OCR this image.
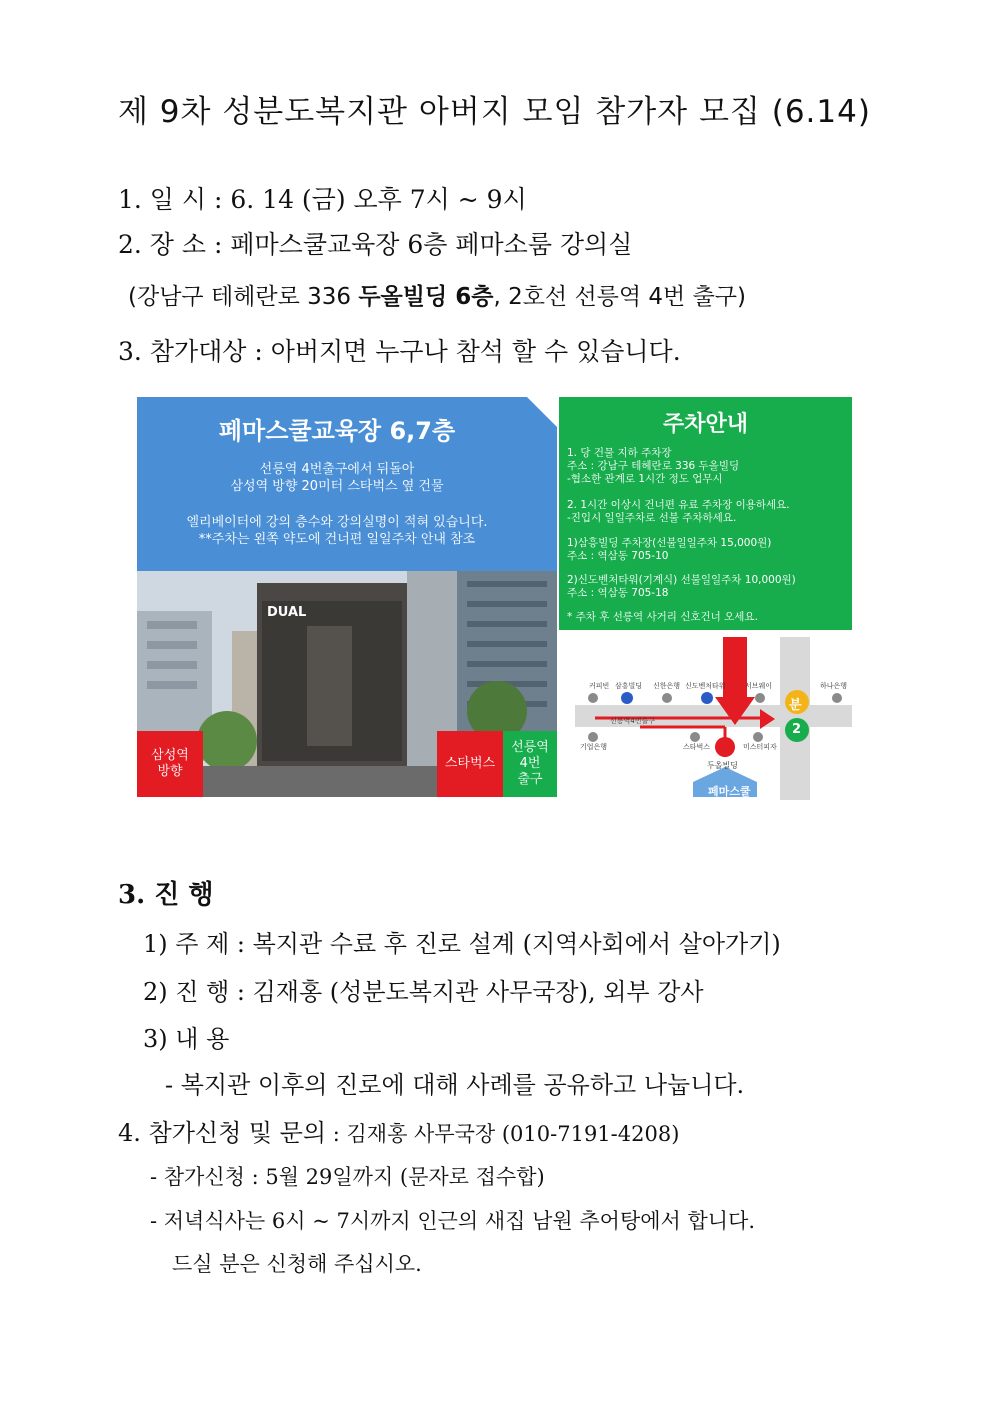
제 9차 성분도복지관 아버지 모임 참가자 모집 (6.14)
1. 일 시 : 6. 14 (금) 오후 7시 ~ 9시
2. 장 소 : 페마스쿨교육장 6층 페마소룸 강의실
(강남구 테헤란로 336 두올빌딩 6층, 2호선 선릉역 4번 출구)
3. 참가대상 : 아버지면 누구나 참석 할 수 있습니다.
페마스쿨교육장 6,7층
선릉역 4번출구에서 뒤돌아
삼성역 방향 20미터 스타벅스 옆 건물
엘리베이터에 강의 층수와 강의실명이 적혀 있습니다.
**주차는 왼쪽 약도에 건너편 일일주차 안내 참조
DUAL
삼성역
방향
스타벅스
선릉역
4번
출구
주차안내
1. 당 건물 지하 주차장
주소 : 강남구 테헤란로 336 두올빌딩
-협소한 관계로 1시간 정도 업무시
2. 1시간 이상시 건너편 유료 주차장 이용하세요.
-진입시 일일주차로 선불 주차하세요.
1)삼흥빌딩 주차장(선불일일주차 15,000원)
주소 : 역삼동 705-10
2)신도벤처타워(기계식) 선불일일주차 10,000원)
주소 : 역삼동 705-18
* 주차 후 선릉역 사거리 신호건너 오세요.
커피빈 삼흥빌딩 신한은행 신도벤처타워	서브웨이	하나은행
기업은행	스타벅스	미스터피자
선릉역4번출구
두올빌딩
주차장
분
2
페마스쿨
3. 진 행
1) 주 제 : 복지관 수료 후 진로 설계 (지역사회에서 살아가기)
2) 진 행 : 김재홍 (성분도복지관 사무국장), 외부 강사
3) 내 용
- 복지관 이후의 진로에 대해 사례를 공유하고 나눕니다.
4. 참가신청 및 문의 : 김재홍 사무국장 (010-7191-4208)
- 참가신청 : 5월 29일까지 (문자로 접수합)
- 저녁식사는 6시 ~ 7시까지 인근의 새집 남원 추어탕에서 합니다.
드실 분은 신청해 주십시오.
